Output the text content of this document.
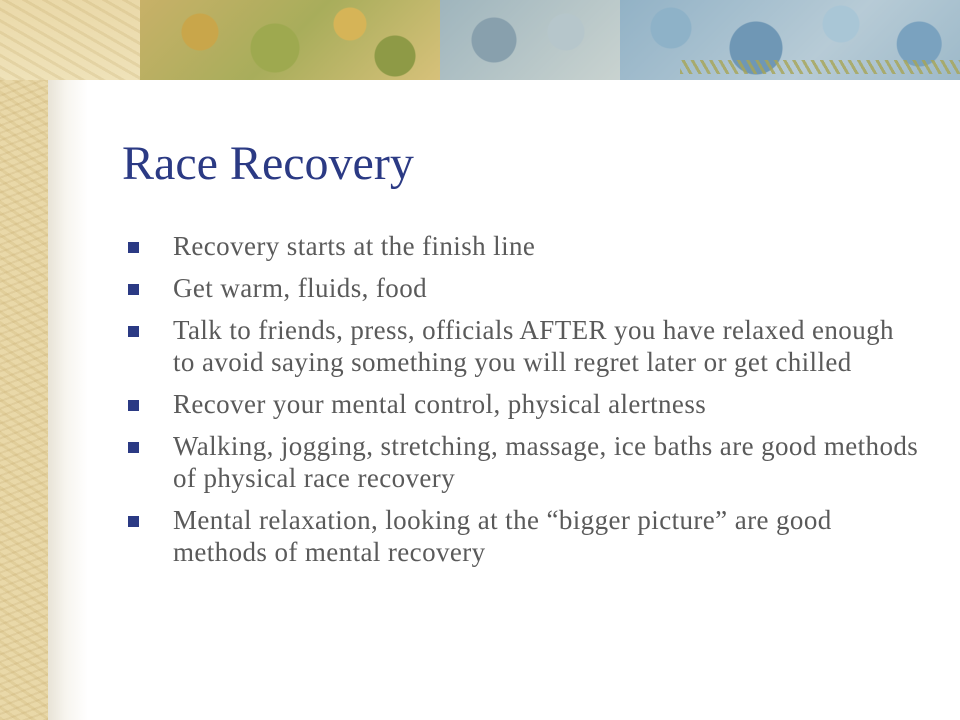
Race Recovery
Recovery starts at the finish line
Get warm, fluids, food
Talk to friends, press, officials AFTER you have relaxed enough to avoid saying something you will regret later or get chilled
Recover your mental control, physical alertness
Walking, jogging, stretching, massage, ice baths are good methods of physical race recovery
Mental relaxation, looking at the “bigger picture” are good methods of mental recovery
